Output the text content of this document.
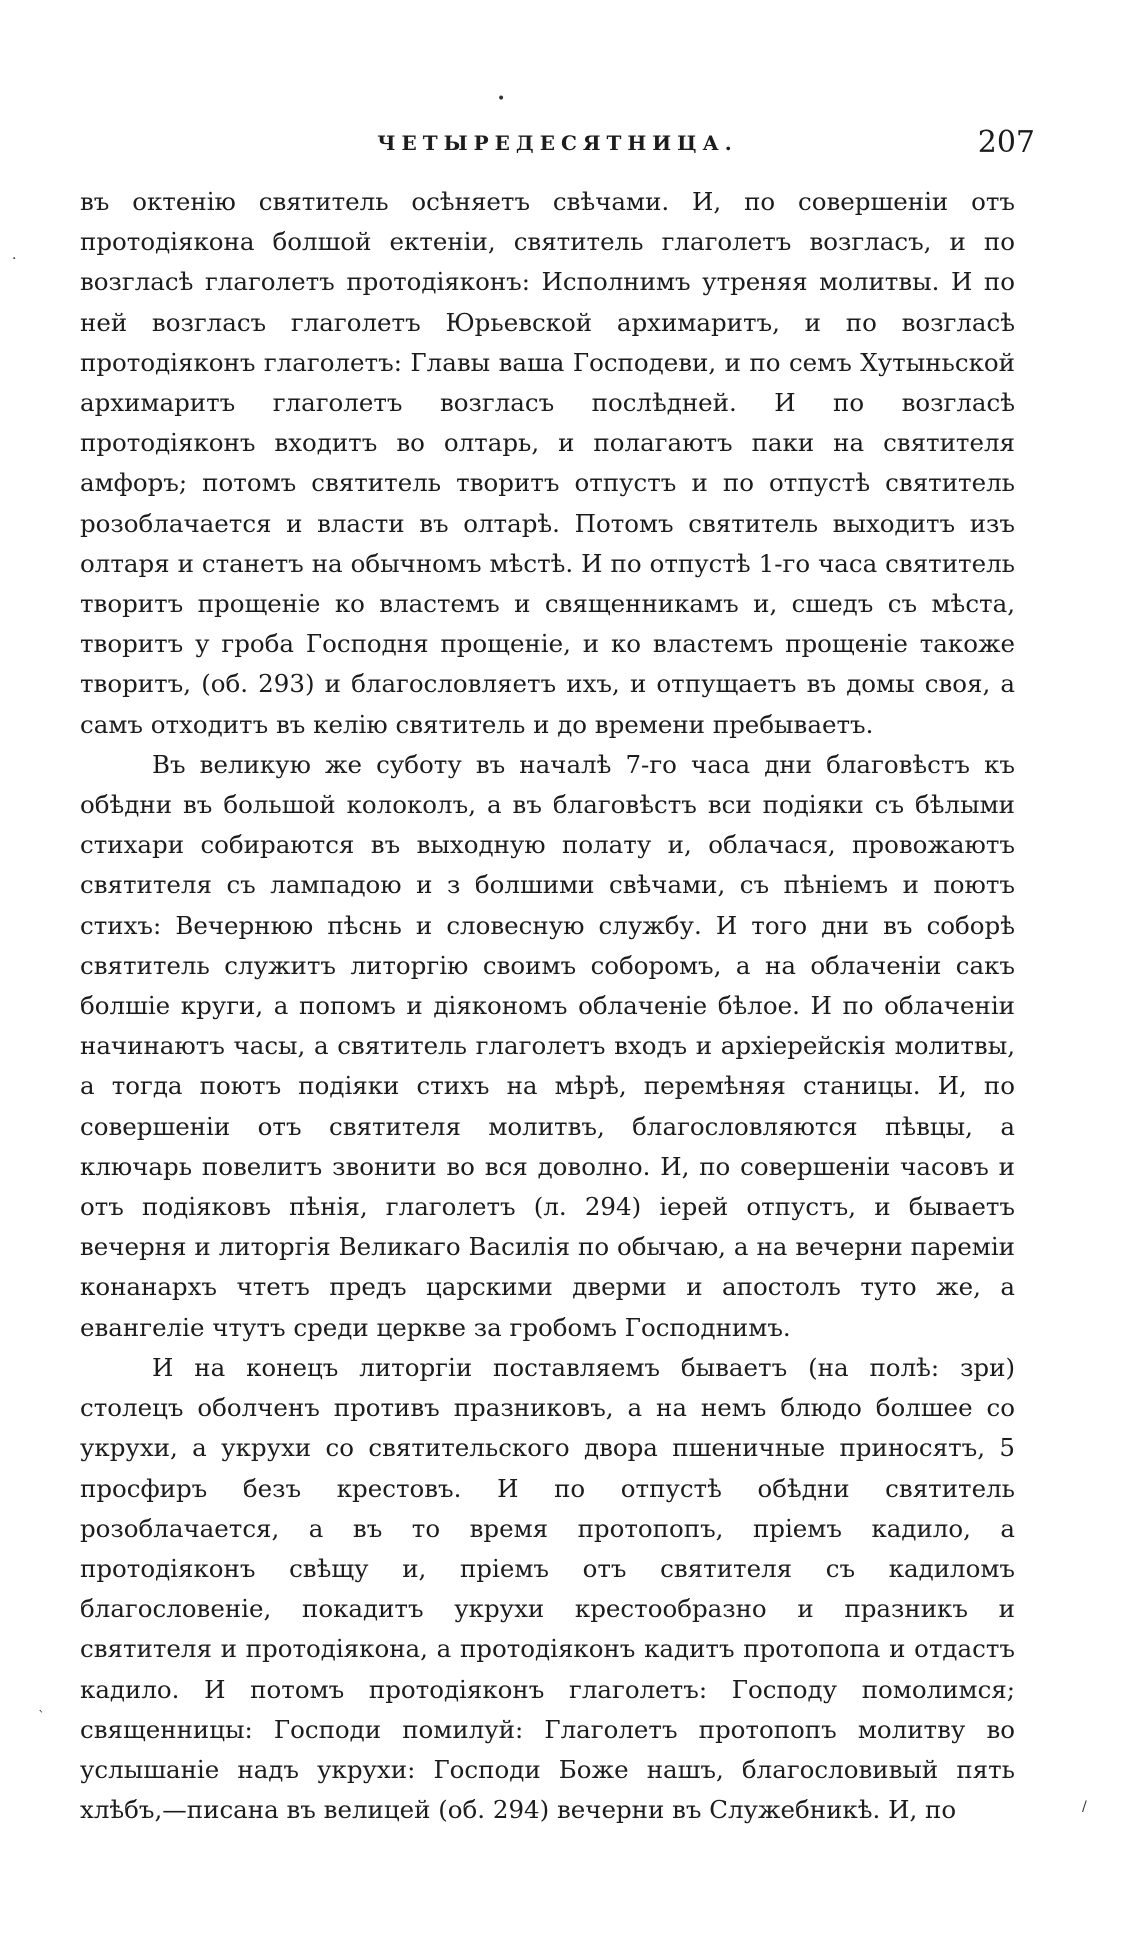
ЧЕТЫРЕДЕСЯТНИЦА.	207

въ октенію святитель осѣняетъ свѣчами. И, по совершеніи отъ протодіякона болшой ектеніи, святитель глаголетъ возгласъ, и по возгласѣ глаголетъ протодіяконъ: Исполнимъ утреняя молитвы. И по ней возгласъ глаголетъ Юрьевской архимаритъ, и по возгласѣ протодіяконъ глаголетъ: Главы ваша Господеви, и по семъ Хутыньской архимаритъ глаголетъ возгласъ послѣдней. И по возгласѣ протодіяконъ входитъ во олтарь, и полагаютъ паки на святителя амфоръ; потомъ святитель творитъ отпустъ и по отпустѣ святитель розоблачается и власти въ олтарѣ. Потомъ святитель выходитъ изъ олтаря и станетъ на обычномъ мѣстѣ. И по отпустѣ 1-го часа святитель творитъ прощеніе ко властемъ и священникамъ и, сшедъ съ мѣста, творитъ у гроба Господня прощеніе, и ко властемъ прощеніе такожe творитъ, (об. 293) и благословляетъ ихъ, и отпущаетъ въ домы своя, а самъ отходитъ въ келію святитель и до времени пребываетъ.

Въ великую же суботу въ началѣ 7-го часа дни благовѣстъ къ обѣдни въ большой колоколъ, а въ благовѣстъ вси подіяки съ бѣлыми стихари собираются въ выходную полату и, облачася, провожаютъ святителя съ лампадою и з болшими свѣчами, съ пѣніемъ и поютъ стихъ: Вечернюю пѣснь и словесную службу. И того дни въ соборѣ святитель служитъ литоргію своимъ соборомъ, а на облаченіи сакъ болшіе круги, а попомъ и діякономъ облаченіе бѣлое. И по облаченіи начинаютъ часы, а святитель глаголетъ входъ и архіерейскія молитвы, а тогда поютъ подіяки стихъ на мѣрѣ, перемѣняя станицы. И, по совершеніи отъ святителя молитвъ, благословляются пѣвцы, а ключарь повелитъ звонити во вся доволно. И, по совершеніи часовъ и отъ подіяковъ пѣнія, глаголетъ (л. 294) іерей отпустъ, и бываетъ вечерня и литоргія Великаго Василія по обычаю, а на вечерни пареміи конанархъ чтетъ предъ царскими дверми и апостолъ туто же, а евангеліе чтутъ среди церкве за гробомъ Господнимъ.

И на конецъ литоргіи поставляемъ бываетъ (на полѣ: зри) столецъ оболченъ противъ празниковъ, а на немъ блюдо болшее со укрухи, а укрухи со святительского двора пшеничные приносятъ, 5 просфиръ безъ крестовъ. И по отпустѣ обѣдни святитель розоблачается, а въ то время протопопъ, пріемъ кадило, а протодіяконъ свѣщу и, пріемъ отъ святителя съ кадиломъ благословеніе, покадитъ укрухи крестообразно и празникъ и святителя и протодіякона, а протодіяконъ кадитъ протопопа и отдастъ кадило. И потомъ протодіяконъ глаголетъ: Господу помолимся; священницы: Господи помилуй: Глаголетъ протопопъ молитву во услышаніе надъ укрухи: Господи Боже нашъ, благословивый пять хлѣбъ,—писана въ велицей (об. 294) вечерни въ Служебникѣ. И, по

•
·
`
/
